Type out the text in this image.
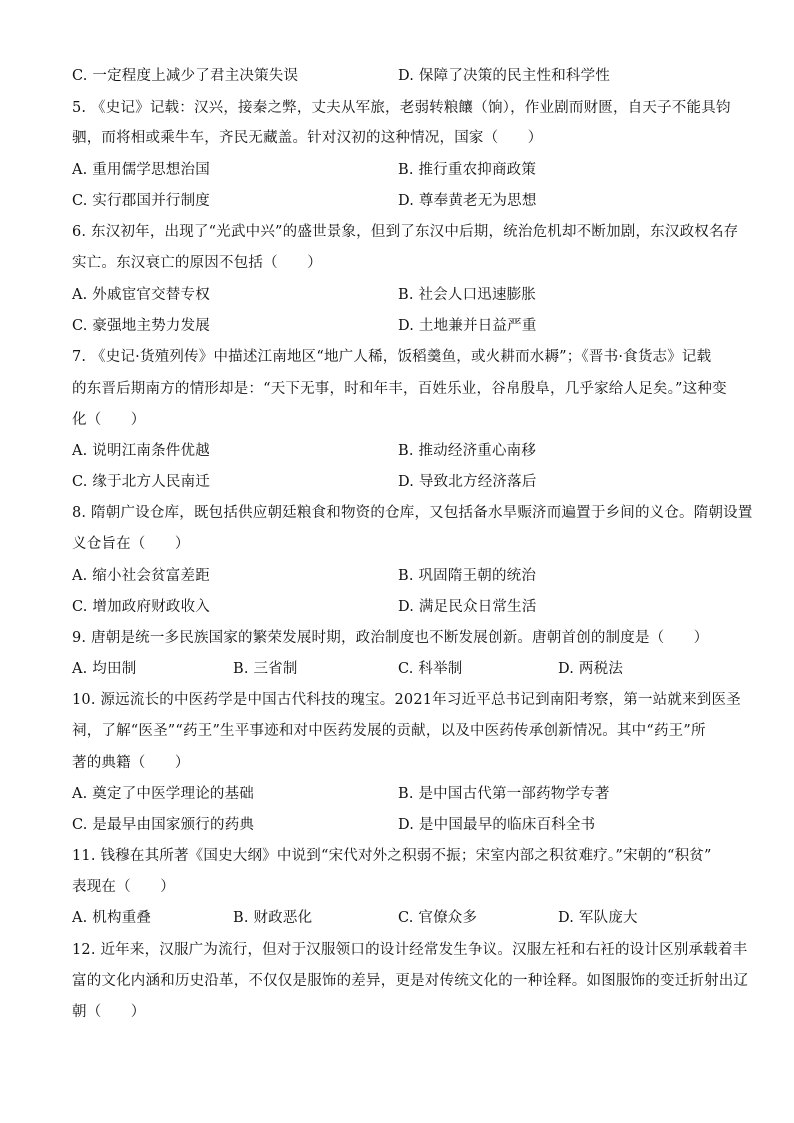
C. 一定程度上减少了君主决策失误	D. 保障了决策的民主性和科学性
5. 《史记》记载：汉兴，接秦之弊，丈夫从军旅，老弱转粮饟（饷），作业剧而财匮，自天子不能具钧
驷，而将相或乘牛车，齐民无藏盖。针对汉初的这种情况，国家（　　）
A. 重用儒学思想治国	B. 推行重农抑商政策
C. 实行郡国并行制度	D. 尊奉黄老无为思想
6. 东汉初年，出现了“光武中兴”的盛世景象，但到了东汉中后期，统治危机却不断加剧，东汉政权名存
实亡。东汉衰亡的原因不包括（　　）
A. 外戚宦官交替专权	B. 社会人口迅速膨胀
C. 豪强地主势力发展	D. 土地兼并日益严重
7. 《史记·货殖列传》中描述江南地区“地广人稀，饭稻羹鱼，或火耕而水耨”；《晋书·食货志》记载
的东晋后期南方的情形却是：“天下无事，时和年丰，百姓乐业，谷帛殷阜，几乎家给人足矣。”这种变
化（　　）
A. 说明江南条件优越	B. 推动经济重心南移
C. 缘于北方人民南迁	D. 导致北方经济落后
8. 隋朝广设仓库，既包括供应朝廷粮食和物资的仓库，又包括备水旱赈济而遍置于乡间的义仓。隋朝设置
义仓旨在（　　）
A. 缩小社会贫富差距	B. 巩固隋王朝的统治
C. 增加政府财政收入	D. 满足民众日常生活
9. 唐朝是统一多民族国家的繁荣发展时期，政治制度也不断发展创新。唐朝首创的制度是（　　）
A. 均田制	B. 三省制	C. 科举制	D. 两税法
10. 源远流长的中医药学是中国古代科技的瑰宝。2021年习近平总书记到南阳考察，第一站就来到医圣
祠，了解“医圣”“药王”生平事迹和对中医药发展的贡献，以及中医药传承创新情况。其中“药王”所
著的典籍（　　）
A. 奠定了中医学理论的基础	B. 是中国古代第一部药物学专著
C. 是最早由国家颁行的药典	D. 是中国最早的临床百科全书
11. 钱穆在其所著《国史大纲》中说到“宋代对外之积弱不振；宋室内部之积贫难疗。”宋朝的“积贫”
表现在（　　）
A. 机构重叠	B. 财政恶化	C. 官僚众多	D. 军队庞大
12. 近年来，汉服广为流行，但对于汉服领口的设计经常发生争议。汉服左衽和右衽的设计区别承载着丰
富的文化内涵和历史沿革，不仅仅是服饰的差异，更是对传统文化的一种诠释。如图服饰的变迁折射出辽
朝（　　）
